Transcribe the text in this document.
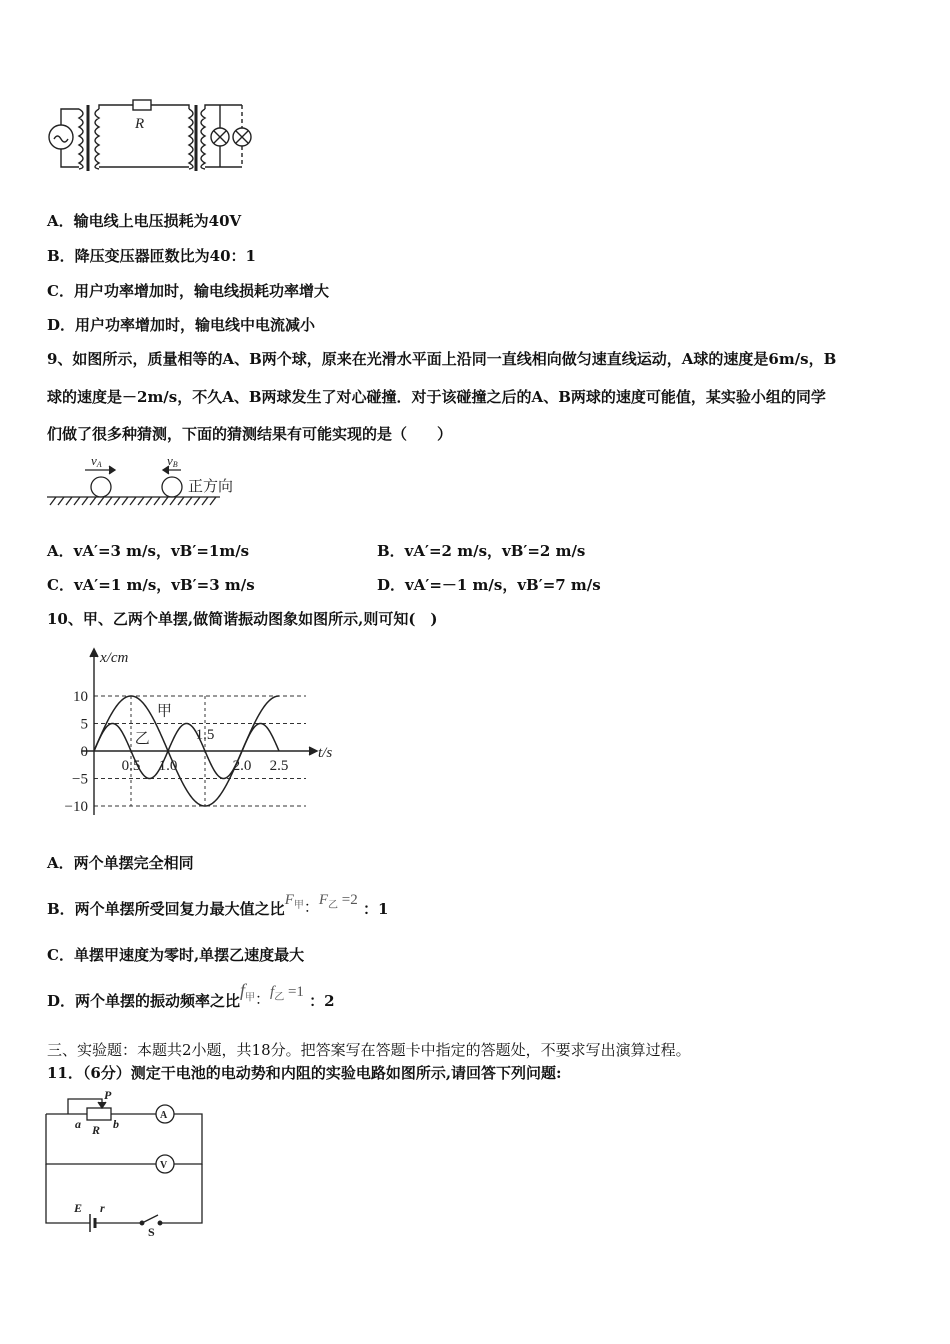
R
A．输电线上电压损耗为40V
B．降压变压器匝数比为40：1
C．用户功率增加时，输电线损耗功率增大
D．用户功率增加时，输电线中电流减小
9、如图所示，质量相等的A、B两个球，原来在光滑水平面上沿同一直线相向做匀速直线运动，A球的速度是6m/s，B
球的速度是－2m/s，不久A、B两球发生了对心碰撞．对于该碰撞之后的A、B两球的速度可能值，某实验小组的同学
们做了很多种猜测，下面的猜测结果有可能实现的是（　　）
vA	vB
正方向
A．vA′=3 m/s，vB′=1m/s	B．vA′=2 m/s，vB′=2 m/s
C．vA′=1 m/s，vB′=3 m/s	D．vA′=－1 m/s，vB′=7 m/s
10、甲、乙两个单摆,做简谐振动图象如图所示,则可知(　)
10
5
0
−5
−10
0.5 1.0
1.5
2.0 2.5
x/cm
t/s
甲
乙
A．两个单摆完全相同
B．两个单摆所受回复力最大值之比$F_甲$：$F_乙 =2$ ：1
C．单摆甲速度为零时,单摆乙速度最大
D．两个单摆的振动频率之比$f_甲$：$f_乙 =1$ ：2
三、实验题：本题共2小题，共18分。把答案写在答题卡中指定的答题处，不要求写出演算过程。
11．（6分）测定干电池的电动势和内阻的实验电路如图所示,请回答下列问题:
P
a R b
A
V
E r
S
